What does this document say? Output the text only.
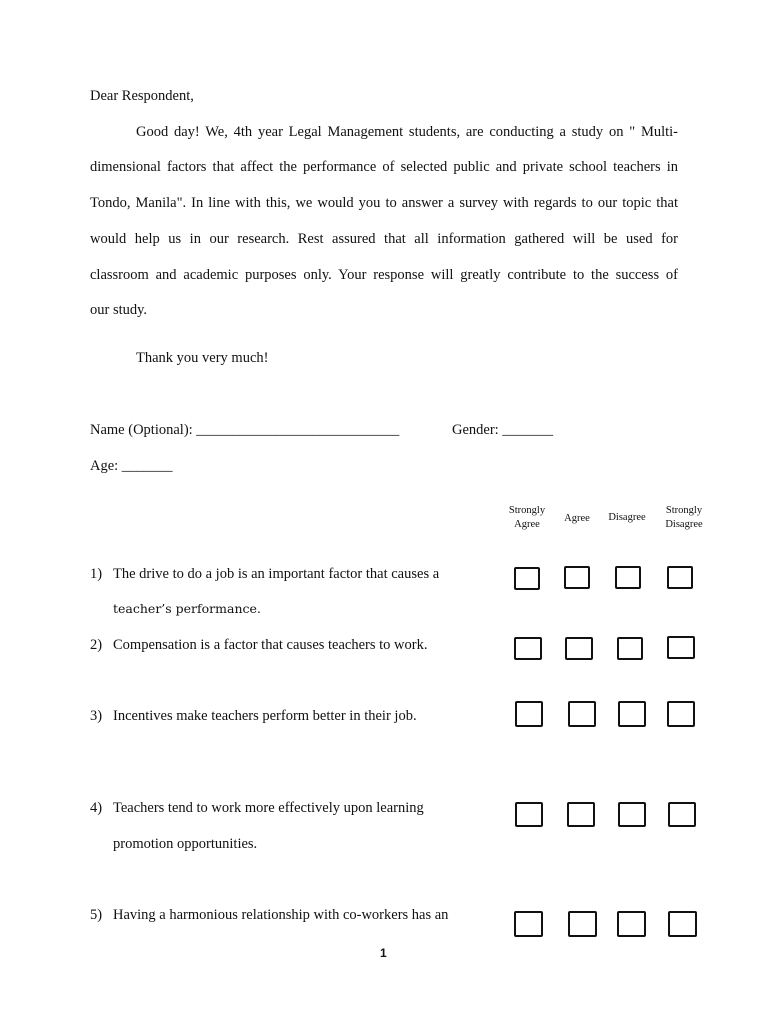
Dear Respondent,
Good day! We, 4th year Legal Management students, are conducting a study on " Multi-
dimensional factors that affect the performance of selected public and private school teachers in
Tondo, Manila". In line with this, we would you to answer a survey with regards to our topic that
would help us in our research. Rest assured that all information gathered will be used for
classroom and academic purposes only. Your response will greatly contribute to the success of
our study.
Thank you very much!
Name (Optional): ____________________________	Gender: _______
Age: _______
Strongly
Agree
Agree	Disagree
Strongly
Disagree
1) The drive to do a job is an important factor that causes a
teacher’s performance.
2) Compensation is a factor that causes teachers to work.
3) Incentives make teachers perform better in their job.
4) Teachers tend to work more effectively upon learning
promotion opportunities.
5) Having a harmonious relationship with co-workers has an
1
